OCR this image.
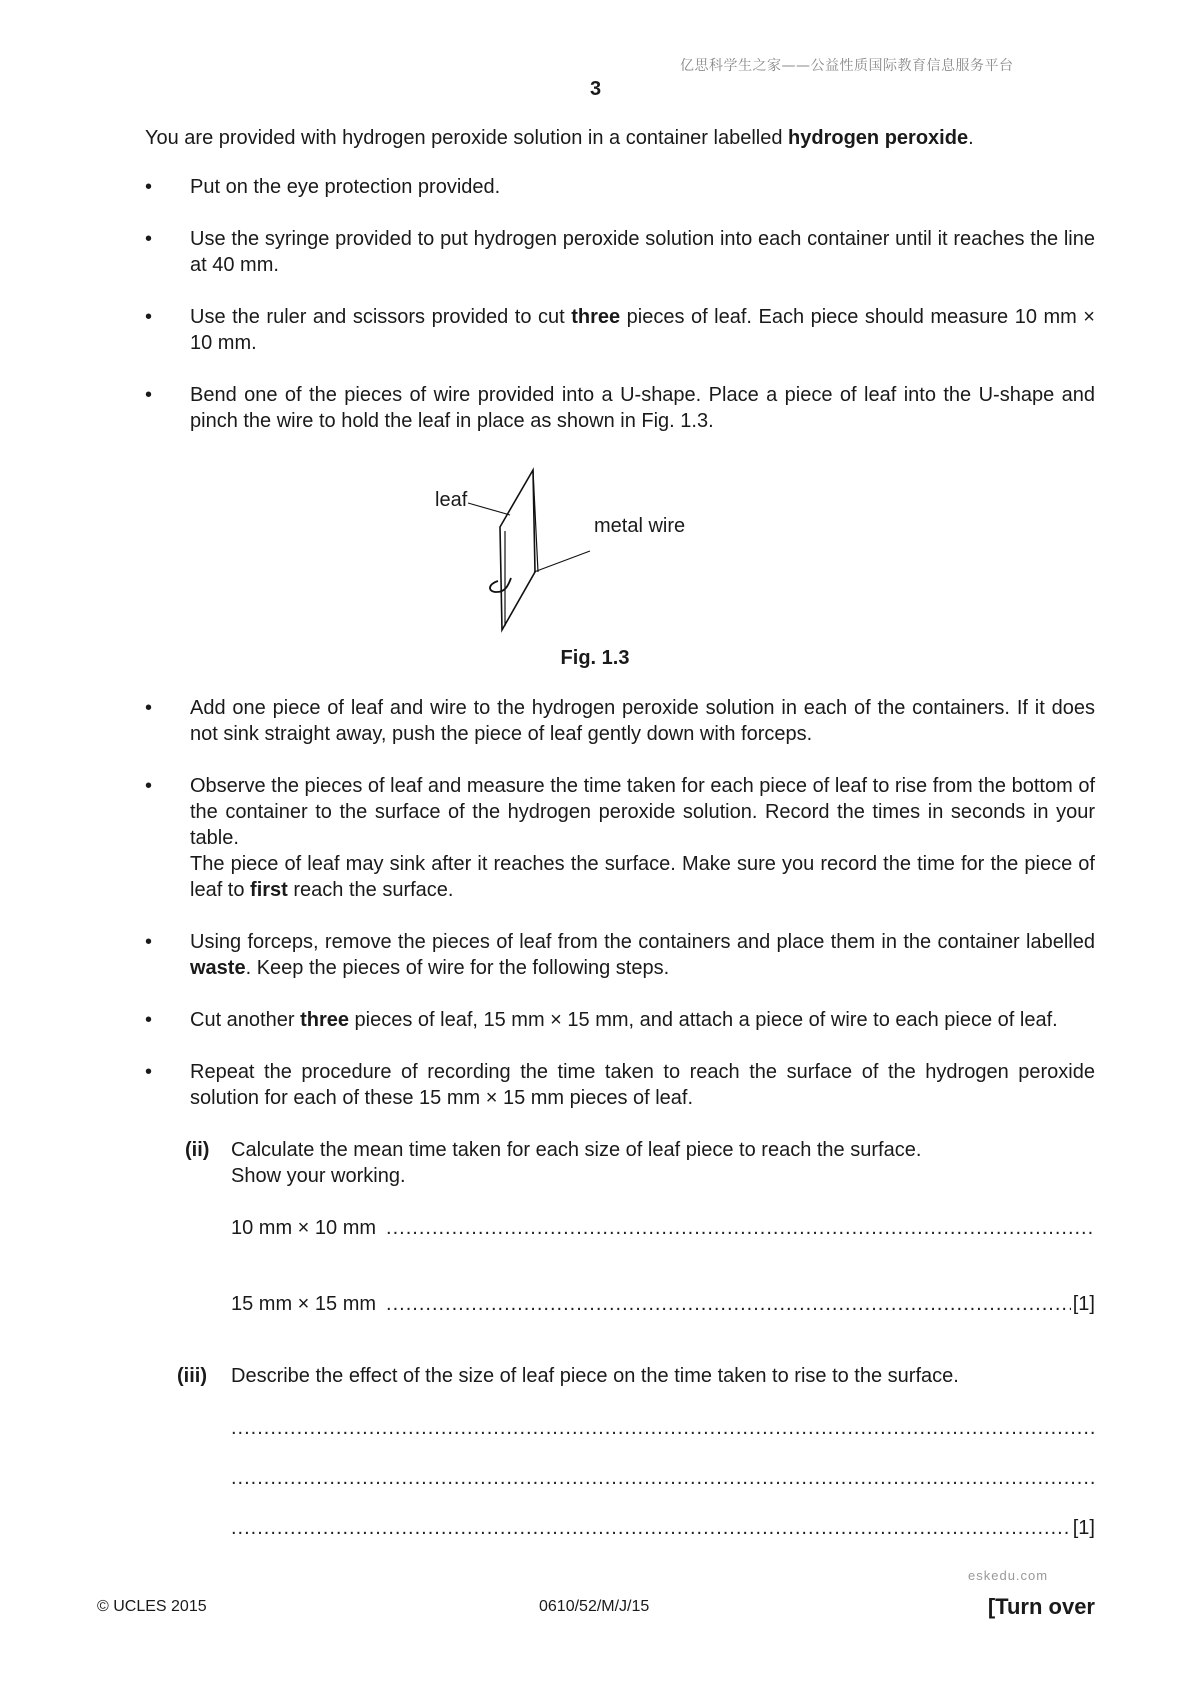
亿思科学生之家——公益性质国际教育信息服务平台
3

You are provided with hydrogen peroxide solution in a container labelled hydrogen peroxide.

• Put on the eye protection provided.
• Use the syringe provided to put hydrogen peroxide solution into each container until it reaches the line at 40 mm.
• Use the ruler and scissors provided to cut three pieces of leaf. Each piece should measure 10 mm × 10 mm.
• Bend one of the pieces of wire provided into a U-shape. Place a piece of leaf into the U-shape and pinch the wire to hold the leaf in place as shown in Fig. 1.3.
leaf
metal wire
Fig. 1.3
• Add one piece of leaf and wire to the hydrogen peroxide solution in each of the containers. If it does not sink straight away, push the piece of leaf gently down with forceps.
• Observe the pieces of leaf and measure the time taken for each piece of leaf to rise from the bottom of the container to the surface of the hydrogen peroxide solution. Record the times in seconds in your table.
The piece of leaf may sink after it reaches the surface. Make sure you record the time for the piece of leaf to first reach the surface.
• Using forceps, remove the pieces of leaf from the containers and place them in the container labelled waste. Keep the pieces of wire for the following steps.
• Cut another three pieces of leaf, 15 mm × 15 mm, and attach a piece of wire to each piece of leaf.
• Repeat the procedure of recording the time taken to reach the surface of the hydrogen peroxide solution for each of these 15 mm × 15 mm pieces of leaf.
(ii) Calculate the mean time taken for each size of leaf piece to reach the surface.
Show your working.
10 mm × 10 mm
.....
15 mm × 15 mm
.....	[1]
(iii) Describe the effect of the size of leaf piece on the time taken to rise to the surface.
.....
.....
.....
[1]
eskedu.com
© UCLES 2015	0610/52/M/J/15	[Turn over
